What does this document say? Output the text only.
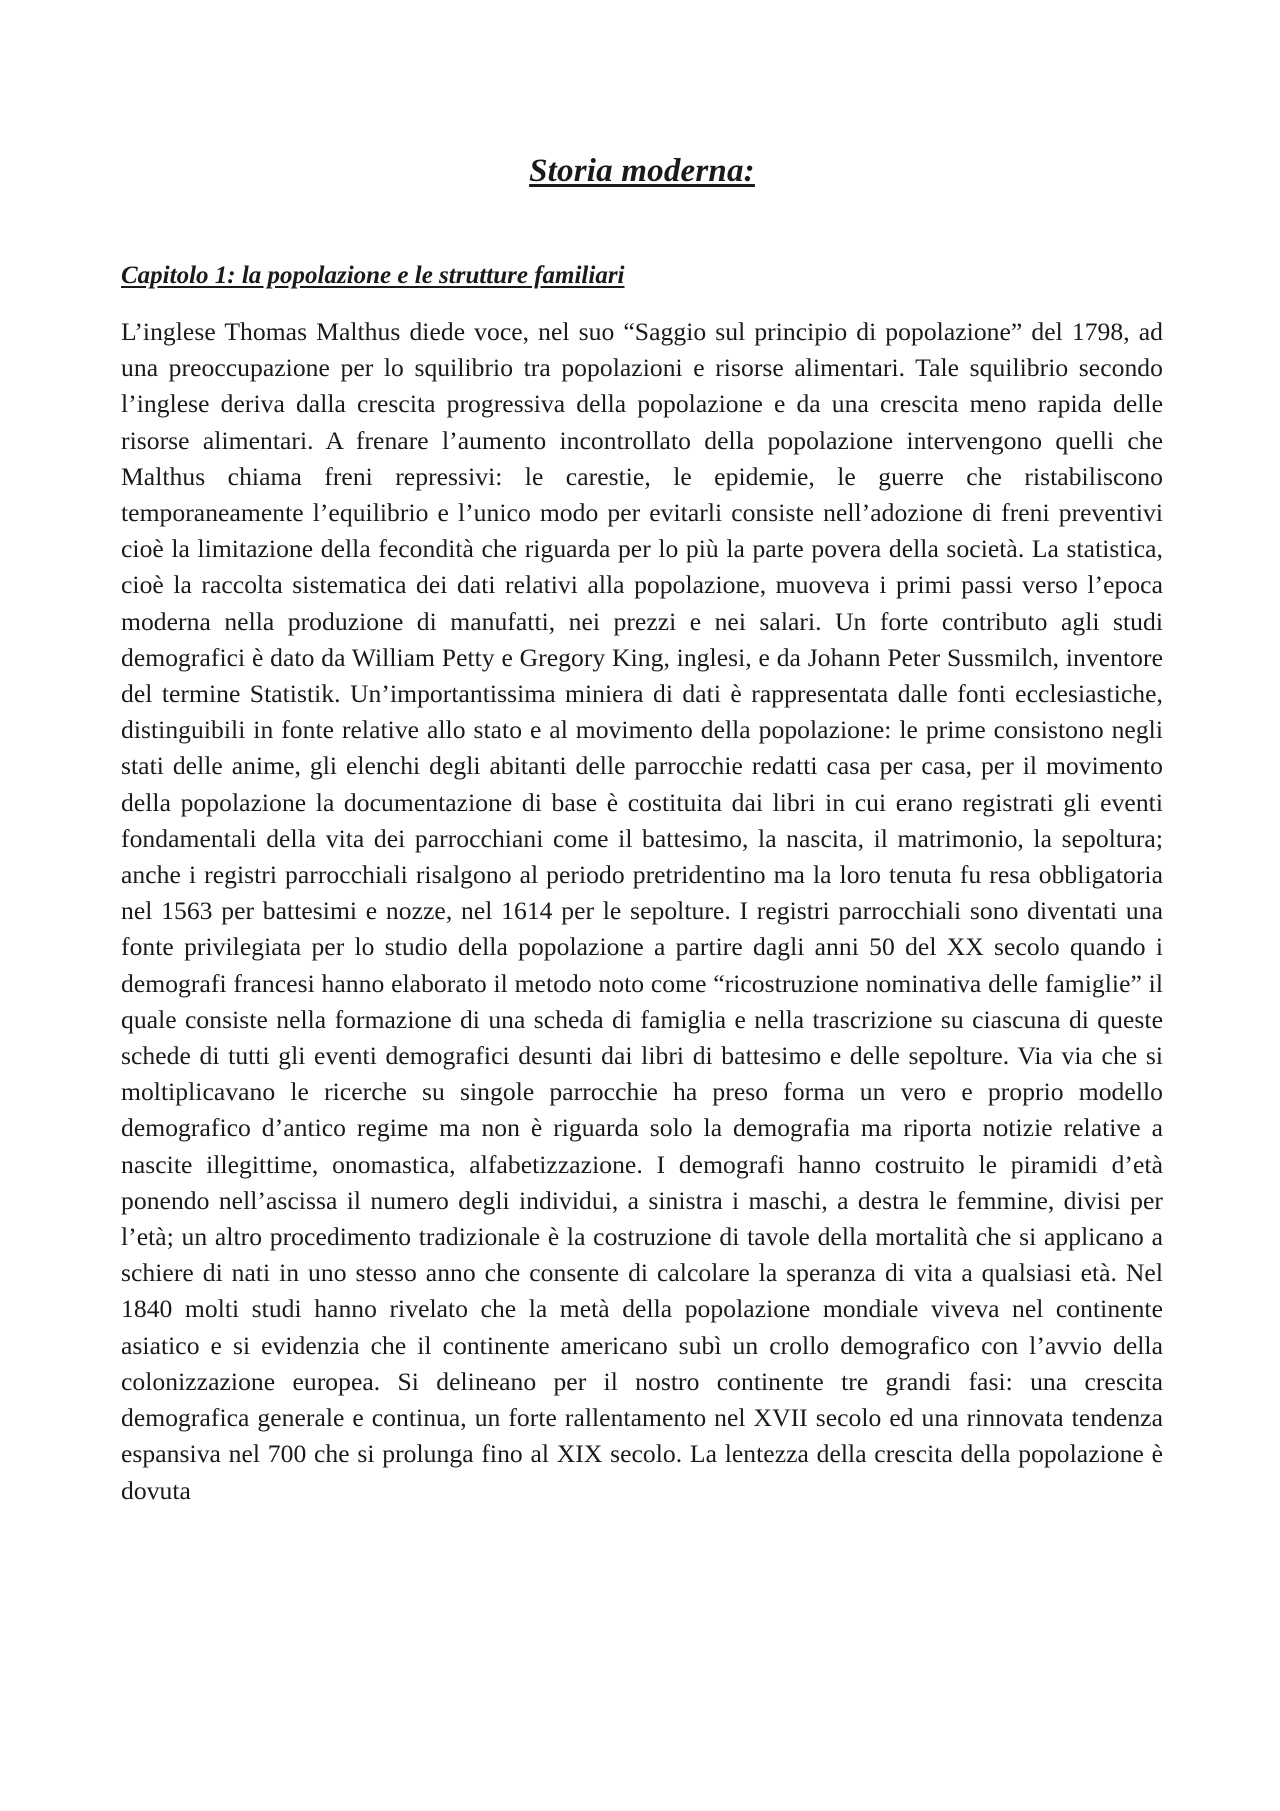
Storia moderna:
Capitolo 1: la popolazione e le strutture familiari

L’inglese Thomas Malthus diede voce, nel suo “Saggio sul principio di popolazione” del 1798, ad una preoccupazione per lo squilibrio tra popolazioni e risorse alimentari. Tale squilibrio secondo l’inglese deriva dalla crescita progressiva della popolazione e da una crescita meno rapida delle risorse alimentari. A frenare l’aumento incontrollato della popolazione intervengono quelli che Malthus chiama freni repressivi: le carestie, le epidemie, le guerre che ristabiliscono temporaneamente l’equilibrio e l’unico modo per evitarli consiste nell’adozione di freni preventivi cioè la limitazione della fecondità che riguarda per lo più la parte povera della società. La statistica, cioè la raccolta sistematica dei dati relativi alla popolazione, muoveva i primi passi verso l’epoca moderna nella produzione di manufatti, nei prezzi e nei salari. Un forte contributo agli studi demografici è dato da William Petty e Gregory King, inglesi, e da Johann Peter Sussmilch, inventore del termine Statistik. Un’importantissima miniera di dati è rappresentata dalle fonti ecclesiastiche, distinguibili in fonte relative allo stato e al movimento della popolazione: le prime consistono negli stati delle anime, gli elenchi degli abitanti delle parrocchie redatti casa per casa, per il movimento della popolazione la documentazione di base è costituita dai libri in cui erano registrati gli eventi fondamentali della vita dei parrocchiani come il battesimo, la nascita, il matrimonio, la sepoltura; anche i registri parrocchiali risalgono al periodo pretridentino ma la loro tenuta fu resa obbligatoria nel 1563 per battesimi e nozze, nel 1614 per le sepolture. I registri parrocchiali sono diventati una fonte privilegiata per lo studio della popolazione a partire dagli anni 50 del XX secolo quando i demografi francesi hanno elaborato il metodo noto come “ricostruzione nominativa delle famiglie” il quale consiste nella formazione di una scheda di famiglia e nella trascrizione su ciascuna di queste schede di tutti gli eventi demografici desunti dai libri di battesimo e delle sepolture. Via via che si moltiplicavano le ricerche su singole parrocchie ha preso forma un vero e proprio modello demografico d’antico regime ma non è riguarda solo la demografia ma riporta notizie relative a nascite illegittime, onomastica, alfabetizzazione. I demografi hanno costruito le piramidi d’età ponendo nell’ascissa il numero degli individui, a sinistra i maschi, a destra le femmine, divisi per l’età; un altro procedimento tradizionale è la costruzione di tavole della mortalità che si applicano a schiere di nati in uno stesso anno che consente di calcolare la speranza di vita a qualsiasi età. Nel 1840 molti studi hanno rivelato che la metà della popolazione mondiale viveva nel continente asiatico e si evidenzia che il continente americano subì un crollo demografico con l’avvio della colonizzazione europea. Si delineano per il nostro continente tre grandi fasi: una crescita demografica generale e continua, un forte rallentamento nel XVII secolo ed una rinnovata tendenza espansiva nel 700 che si prolunga fino al XIX secolo. La lentezza della crescita della popolazione è dovuta
